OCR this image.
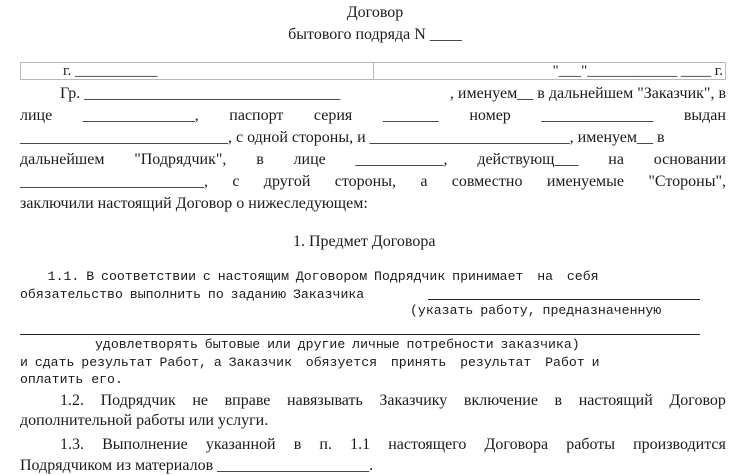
Договор
бытового подряда N ____
г. ___________	"___"____________ ____ г.
Гр. ________________________________	, именуем__ в дальнейшем "Заказчик", в
лице ______________, паспорт серия _______ номер ______________ выдан
__________________________, с одной стороны, и _________________________, именуем__ в
дальнейшем "Подрядчик", в лице ___________, действующ___ на основании
_______________________, с другой стороны, а совместно именуемые "Стороны",
заключили настоящий Договор о нижеследующем:
1. Предмет Договора
1.1. В соответствии с настоящим Договором Подрядчик принимает  на  себя
обязательство выполнить по заданию Заказчика
(указать работу, предназначенную
удовлетворять бытовые или другие личные потребности заказчика)
и сдать результат Работ, а Заказчик  обязуется  принять  результат  Работ и
оплатить его.
1.2. Подрядчик не вправе навязывать Заказчику включение в настоящий Договор
дополнительной работы или услуги.
1.3. Выполнение указанной в п. 1.1 настоящего Договора работы производится
Подрядчиком из материалов ___________________.
